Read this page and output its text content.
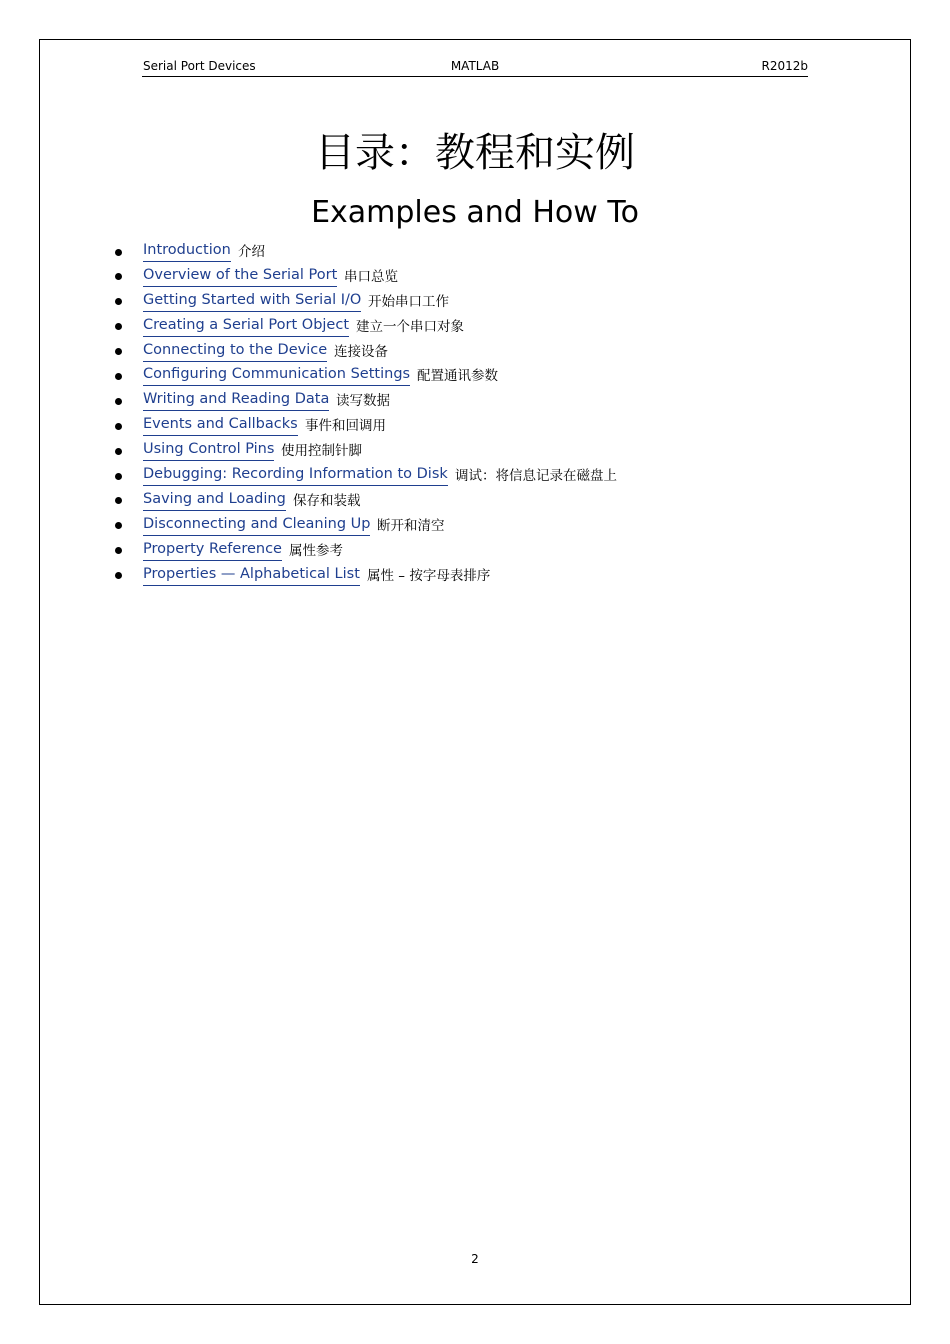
Serial Port Devices	MATLAB	R2012b
目录：教程和实例
Examples and How To
Introduction 介绍
Overview of the Serial Port 串口总览
Getting Started with Serial I/O 开始串口工作
Creating a Serial Port Object 建立一个串口对象
Connecting to the Device 连接设备
Configuring Communication Settings 配置通讯参数
Writing and Reading Data 读写数据
Events and Callbacks 事件和回调用
Using Control Pins 使用控制针脚
Debugging: Recording Information to Disk 调试：将信息记录在磁盘上
Saving and Loading 保存和装载
Disconnecting and Cleaning Up 断开和清空
Property Reference 属性参考
Properties — Alphabetical List 属性 – 按字母表排序
2
